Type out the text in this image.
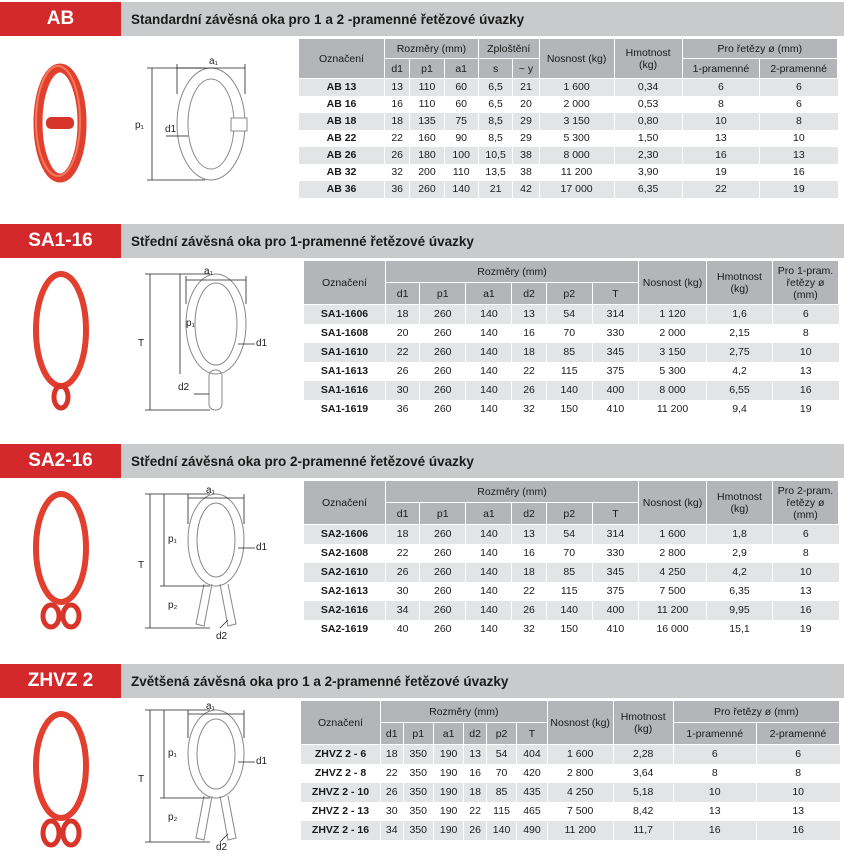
AB	Standardní závěsná oka pro 1 a 2 -pramenné řetězové úvazky
a₁
p₁ d1
Označení	Rozměry (mm)			Zploštění		Nosnost (kg)	Hmotnost (kg)	Pro řetězy ø (mm)	
	d1	p1	a1	s	~ y			1-pramenné	2-pramenné
AB 13	13	110	60	6,5	21	1 600	0,34	6	6
AB 16	16	110	60	6,5	20	2 000	0,53	8	6
AB 18	18	135	75	8,5	29	3 150	0,80	10	8
AB 22	22	160	90	8,5	29	5 300	1,50	13	10
AB 26	26	180	100	10,5	38	8 000	2,30	16	13
AB 32	32	200	110	13,5	38	11 200	3,90	19	16
AB 36	36	260	140	21	42	17 000	6,35	22	19
SA1-16	Střední závěsná oka pro 1-pramenné řetězové úvazky
a₁
p₁
T	d1
d2
Označení	Rozměry (mm)						Nosnost (kg)	Hmotnost (kg)	Pro 1-pram. řetězy ø (mm)
	d1	p1	a1	d2	p2	T			
SA1-1606	18	260	140	13	54	314	1 120	1,6	6
SA1-1608	20	260	140	16	70	330	2 000	2,15	8
SA1-1610	22	260	140	18	85	345	3 150	2,75	10
SA1-1613	26	260	140	22	115	375	5 300	4,2	13
SA1-1616	30	260	140	26	140	400	8 000	6,55	16
SA1-1619	36	260	140	32	150	410	11 200	9,4	19
SA2-16	Střední závěsná oka pro 2-pramenné řetězové úvazky
a₁
p₁
T
p₂
d1
d2
Označení	Rozměry (mm)						Nosnost (kg)	Hmotnost (kg)	Pro 2-pram. řetězy ø (mm)
	d1	p1	a1	d2	p2	T			
SA2-1606	18	260	140	13	54	314	1 600	1,8	6
SA2-1608	22	260	140	16	70	330	2 800	2,9	8
SA2-1610	26	260	140	18	85	345	4 250	4,2	10
SA2-1613	30	260	140	22	115	375	7 500	6,35	13
SA2-1616	34	260	140	26	140	400	11 200	9,95	16
SA2-1619	40	260	140	32	150	410	16 000	15,1	19
ZHVZ 2	Zvětšená závěsná oka pro 1 a 2-pramenné řetězové úvazky
a₁
p₁
T
p₂
d1
d2
Označení	Rozměry (mm)						Nosnost (kg)	Hmotnost (kg)	Pro řetězy ø (mm)	
	d1	p1	a1	d2	p2	T			1-pramenné	2-pramenné
ZHVZ 2 - 6	18	350	190	13	54	404	1 600	2,28	6	6
ZHVZ 2 - 8	22	350	190	16	70	420	2 800	3,64	8	8
ZHVZ 2 - 10	26	350	190	18	85	435	4 250	5,18	10	10
ZHVZ 2 - 13	30	350	190	22	115	465	7 500	8,42	13	13
ZHVZ 2 - 16	34	350	190	26	140	490	11 200	11,7	16	16
